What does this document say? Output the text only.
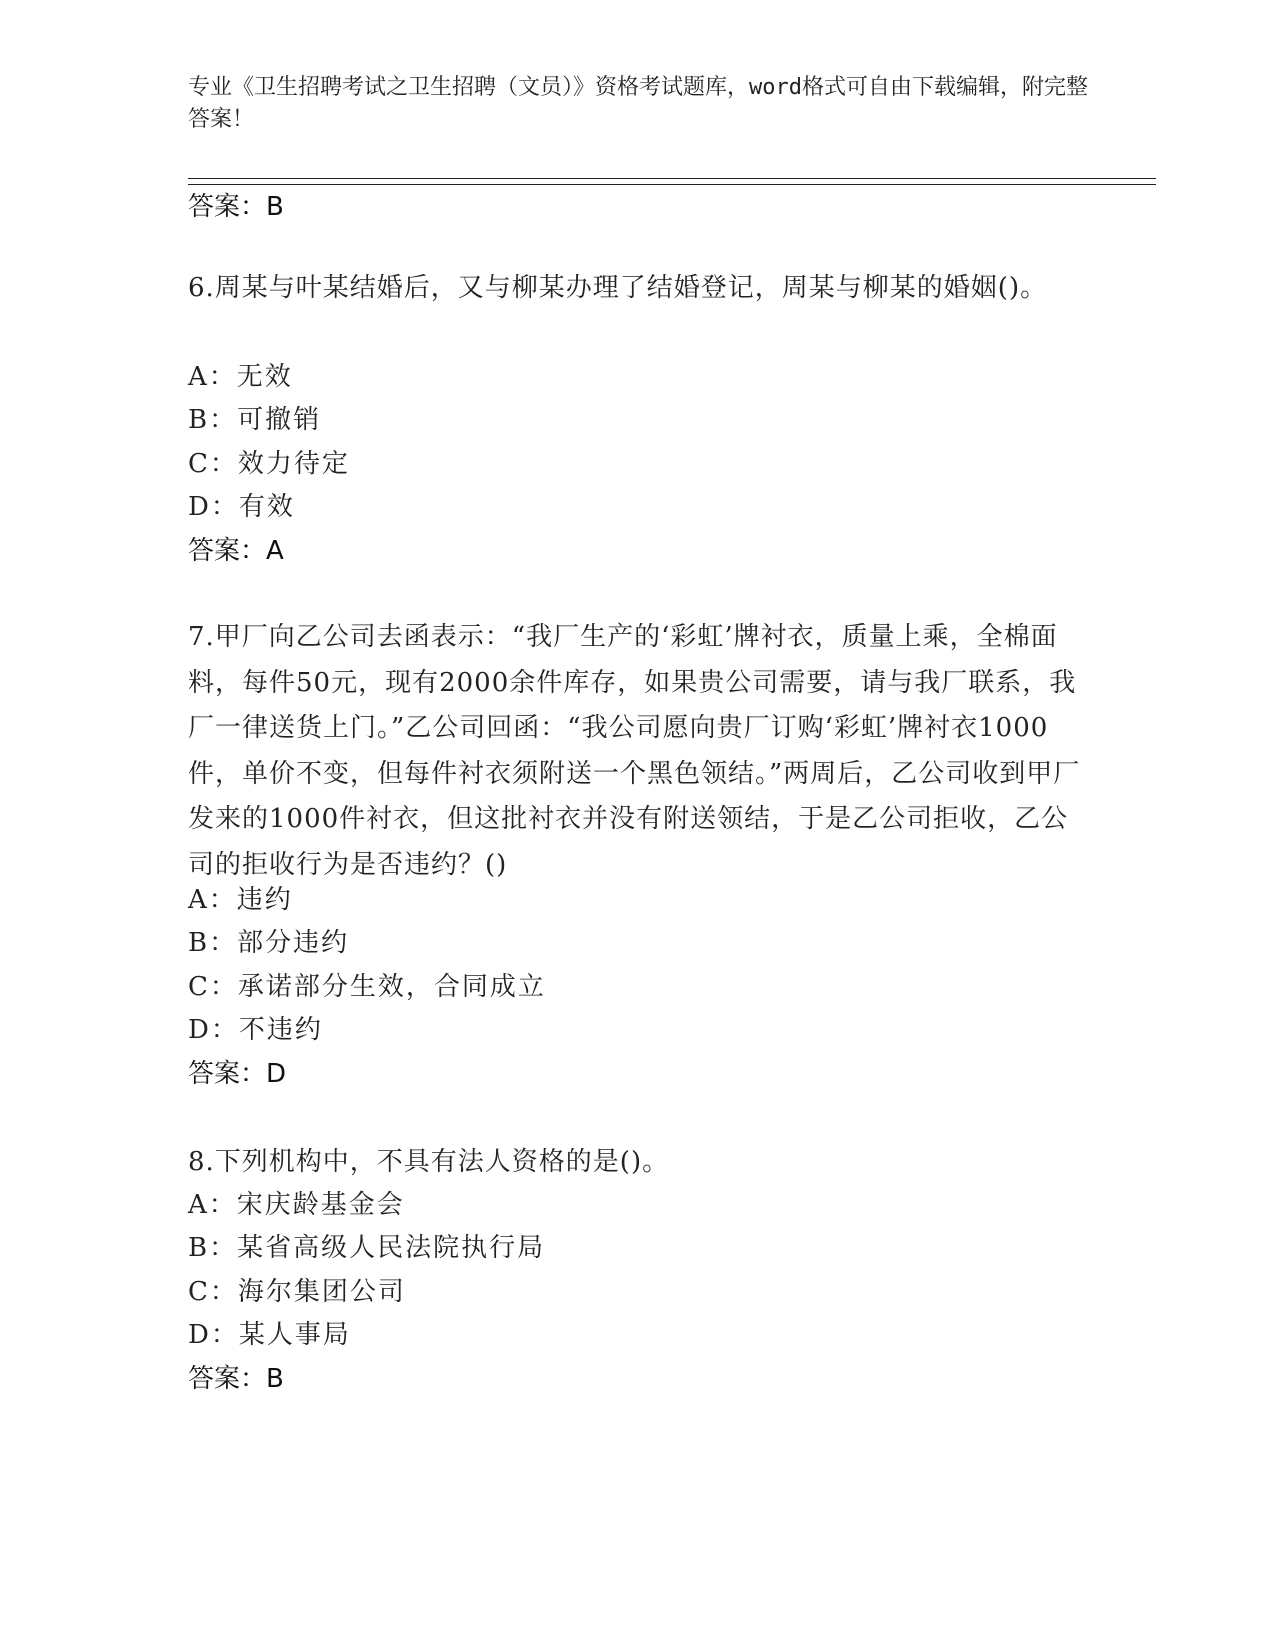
专业《卫生招聘考试之卫生招聘（文员）》资格考试题库，word格式可自由下载编辑，附完整答案！
答案：B
6.周某与叶某结婚后，又与柳某办理了结婚登记，周某与柳某的婚姻()。
A：无效
B：可撤销
C：效力待定
D：有效
答案：A
7.甲厂向乙公司去函表示：“我厂生产的‘彩虹’牌衬衣，质量上乘，全棉面料，每件50元，现有2000余件库存，如果贵公司需要，请与我厂联系，我厂一律送货上门。”乙公司回函：“我公司愿向贵厂订购‘彩虹’牌衬衣1000件，单价不变，但每件衬衣须附送一个黑色领结。”两周后，乙公司收到甲厂发来的1000件衬衣，但这批衬衣并没有附送领结，于是乙公司拒收，乙公司的拒收行为是否违约？()
A：违约
B：部分违约
C：承诺部分生效，合同成立
D：不违约
答案：D
8.下列机构中，不具有法人资格的是()。
A：宋庆龄基金会
B：某省高级人民法院执行局
C：海尔集团公司
D：某人事局
答案：B
